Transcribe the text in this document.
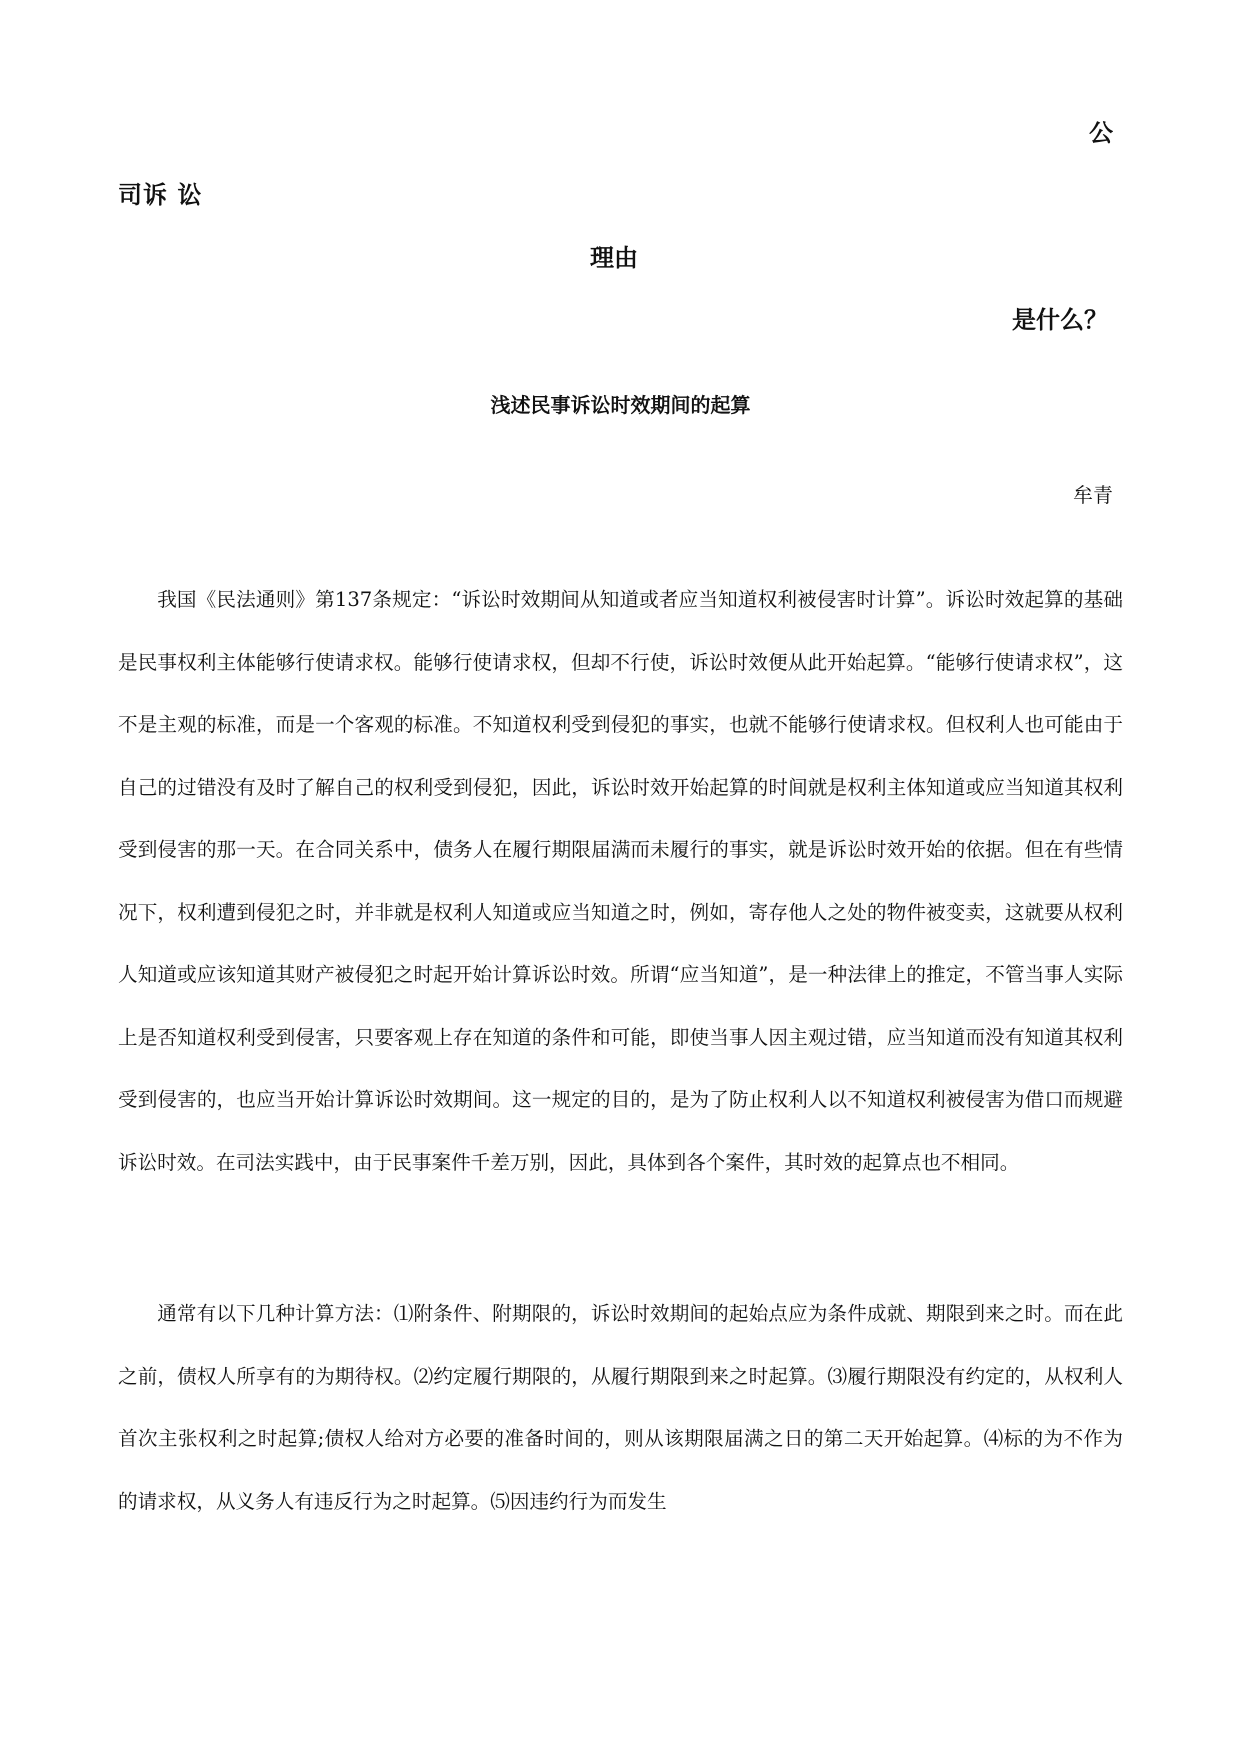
公
司诉 讼
理由
是什么？
浅述民事诉讼时效期间的起算
牟青

我国《民法通则》第137条规定：“诉讼时效期间从知道或者应当知道权利被侵害时计算”。诉讼时效起算的基础是民事权利主体能够行使请求权。能够行使请求权，但却不行使，诉讼时效便从此开始起算。“能够行使请求权”，这不是主观的标准，而是一个客观的标准。不知道权利受到侵犯的事实，也就不能够行使请求权。但权利人也可能由于自己的过错没有及时了解自己的权利受到侵犯，因此，诉讼时效开始起算的时间就是权利主体知道或应当知道其权利受到侵害的那一天。在合同关系中，债务人在履行期限届满而未履行的事实，就是诉讼时效开始的依据。但在有些情况下，权利遭到侵犯之时，并非就是权利人知道或应当知道之时，例如，寄存他人之处的物件被变卖，这就要从权利人知道或应该知道其财产被侵犯之时起开始计算诉讼时效。所谓“应当知道”，是一种法律上的推定，不管当事人实际上是否知道权利受到侵害，只要客观上存在知道的条件和可能，即使当事人因主观过错，应当知道而没有知道其权利受到侵害的，也应当开始计算诉讼时效期间。这一规定的目的，是为了防止权利人以不知道权利被侵害为借口而规避诉讼时效。在司法实践中，由于民事案件千差万别，因此，具体到各个案件，其时效的起算点也不相同。

通常有以下几种计算方法：⑴附条件、附期限的，诉讼时效期间的起始点应为条件成就、期限到来之时。而在此之前，债权人所享有的为期待权。⑵约定履行期限的，从履行期限到来之时起算。⑶履行期限没有约定的，从权利人首次主张权利之时起算;债权人给对方必要的准备时间的，则从该期限届满之日的第二天开始起算。⑷标的为不作为的请求权，从义务人有违反行为之时起算。⑸因违约行为而发生
